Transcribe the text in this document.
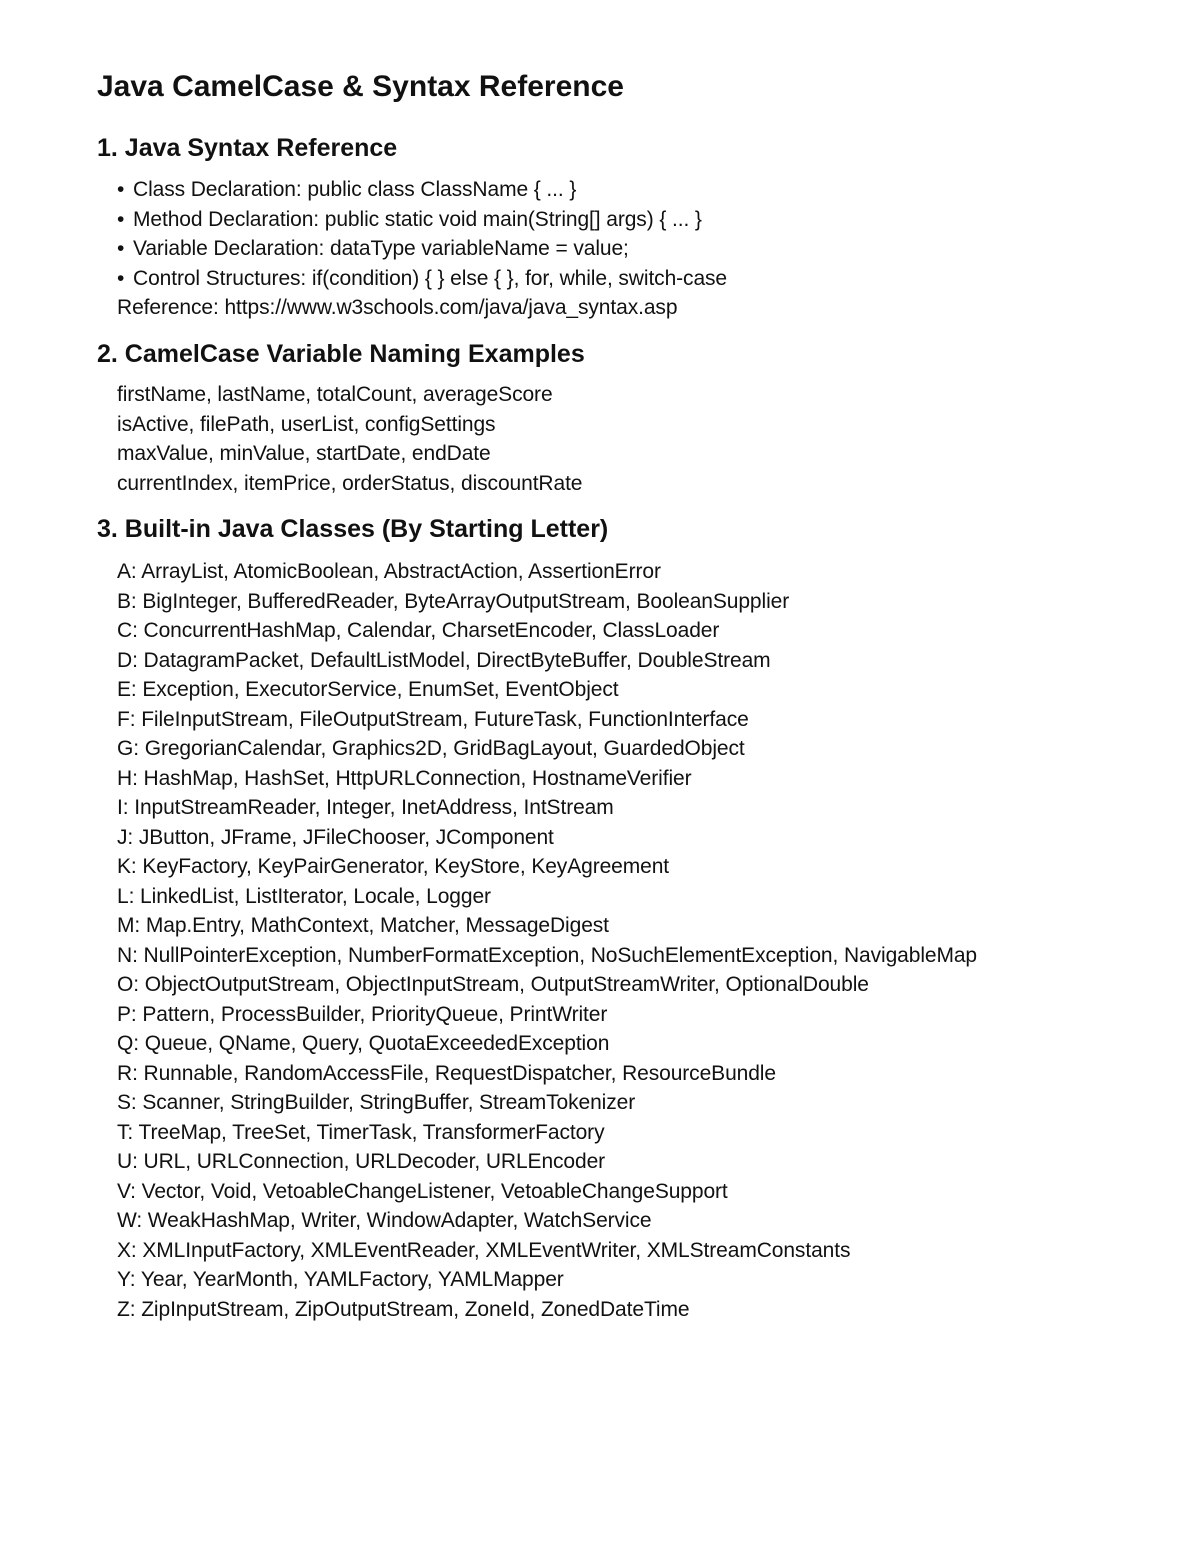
Java CamelCase & Syntax Reference
1. Java Syntax Reference
• Class Declaration: public class ClassName { ... }
• Method Declaration: public static void main(String[] args) { ... }
• Variable Declaration: dataType variableName = value;
• Control Structures: if(condition) { } else { }, for, while, switch-case
Reference: https://www.w3schools.com/java/java_syntax.asp
2. CamelCase Variable Naming Examples
firstName, lastName, totalCount, averageScore
isActive, filePath, userList, configSettings
maxValue, minValue, startDate, endDate
currentIndex, itemPrice, orderStatus, discountRate
3. Built-in Java Classes (By Starting Letter)
A: ArrayList, AtomicBoolean, AbstractAction, AssertionError
B: BigInteger, BufferedReader, ByteArrayOutputStream, BooleanSupplier
C: ConcurrentHashMap, Calendar, CharsetEncoder, ClassLoader
D: DatagramPacket, DefaultListModel, DirectByteBuffer, DoubleStream
E: Exception, ExecutorService, EnumSet, EventObject
F: FileInputStream, FileOutputStream, FutureTask, FunctionInterface
G: GregorianCalendar, Graphics2D, GridBagLayout, GuardedObject
H: HashMap, HashSet, HttpURLConnection, HostnameVerifier
I: InputStreamReader, Integer, InetAddress, IntStream
J: JButton, JFrame, JFileChooser, JComponent
K: KeyFactory, KeyPairGenerator, KeyStore, KeyAgreement
L: LinkedList, ListIterator, Locale, Logger
M: Map.Entry, MathContext, Matcher, MessageDigest
N: NullPointerException, NumberFormatException, NoSuchElementException, NavigableMap
O: ObjectOutputStream, ObjectInputStream, OutputStreamWriter, OptionalDouble
P: Pattern, ProcessBuilder, PriorityQueue, PrintWriter
Q: Queue, QName, Query, QuotaExceededException
R: Runnable, RandomAccessFile, RequestDispatcher, ResourceBundle
S: Scanner, StringBuilder, StringBuffer, StreamTokenizer
T: TreeMap, TreeSet, TimerTask, TransformerFactory
U: URL, URLConnection, URLDecoder, URLEncoder
V: Vector, Void, VetoableChangeListener, VetoableChangeSupport
W: WeakHashMap, Writer, WindowAdapter, WatchService
X: XMLInputFactory, XMLEventReader, XMLEventWriter, XMLStreamConstants
Y: Year, YearMonth, YAMLFactory, YAMLMapper
Z: ZipInputStream, ZipOutputStream, ZoneId, ZonedDateTime
